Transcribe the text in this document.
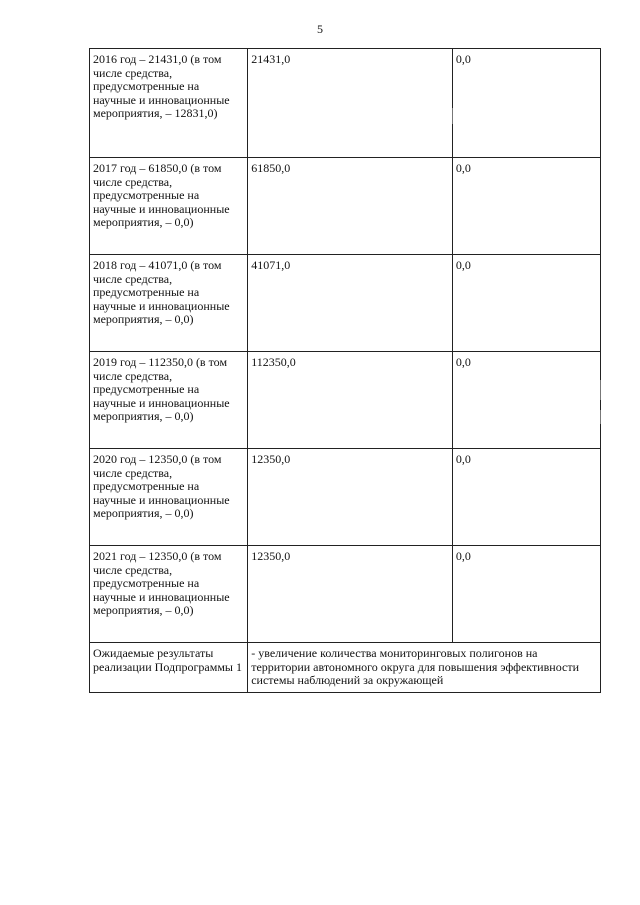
5
2016 год – 21431,0 (в том числе средства, предусмотренные на научные и инновационные мероприятия, – 12831,0)	21431,0	0,0
2017 год – 61850,0 (в том числе средства, предусмотренные на научные и инновационные мероприятия, – 0,0)	61850,0	0,0
2018 год – 41071,0 (в том числе средства, предусмотренные на научные и инновационные мероприятия, – 0,0)	41071,0	0,0
2019 год – 112350,0 (в том числе средства, предусмотренные на научные и инновационные мероприятия, – 0,0)	112350,0	0,0
2020 год – 12350,0 (в том числе средства, предусмотренные на научные и инновационные мероприятия, – 0,0)	12350,0	0,0
2021 год – 12350,0 (в том числе средства, предусмотренные на научные и инновационные мероприятия, – 0,0)	12350,0	0,0
Ожидаемые результаты реализации Подпрограммы 1	- увеличение количества мониторинговых полигонов на территории автономного округа для повышения эффективности системы наблюдений за окружающей	
